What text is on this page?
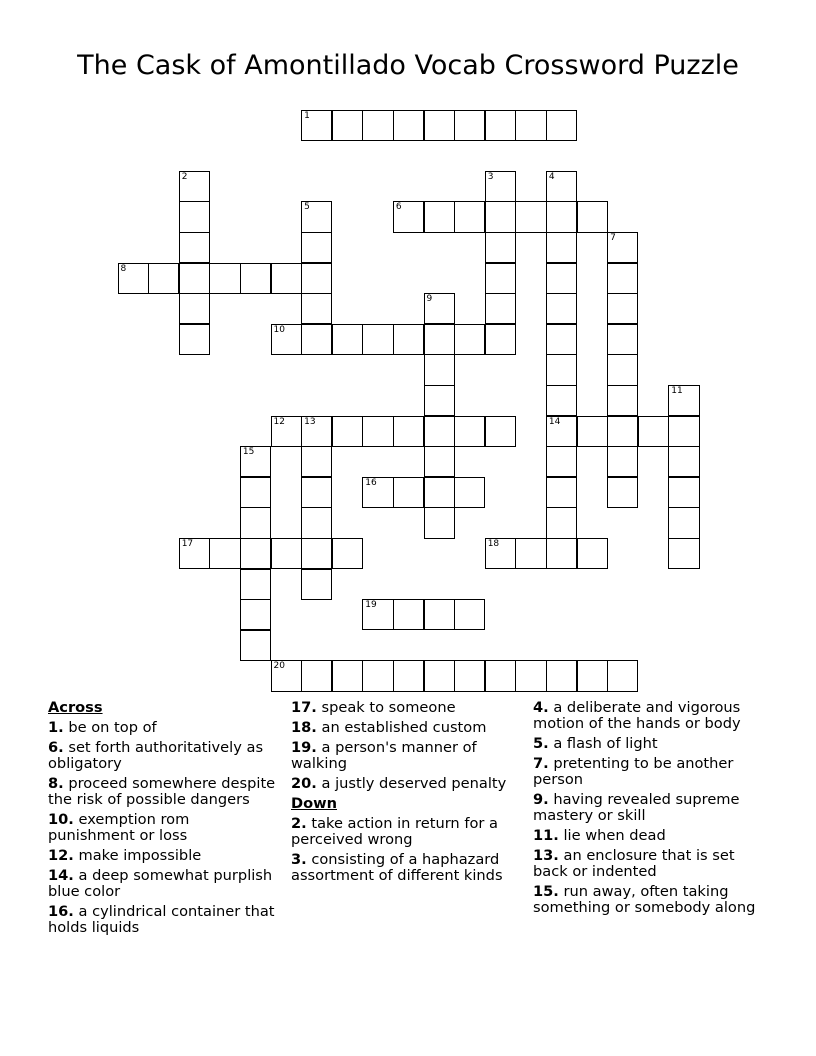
The Cask of Amontillado Vocab Crossword Puzzle
1
2	3	4
5	6
7
8
9
10
11
12 13	14
15
16
17	18
19
20
Across
1. be on top of
6. set forth authoritatively as obligatory
8. proceed somewhere despite the risk of possible dangers
10. exemption rom punishment or loss
12. make impossible
14. a deep somewhat purplish blue color
16. a cylindrical container that holds liquids
17. speak to someone
18. an established custom
19. a person's manner of walking
20. a justly deserved penalty
Down
2. take action in return for a perceived wrong
3. consisting of a haphazard assortment of different kinds
4. a deliberate and vigorous motion of the hands or body
5. a flash of light
7. pretenting to be another person
9. having revealed supreme mastery or skill
11. lie when dead
13. an enclosure that is set back or indented
15. run away, often taking something or somebody along
